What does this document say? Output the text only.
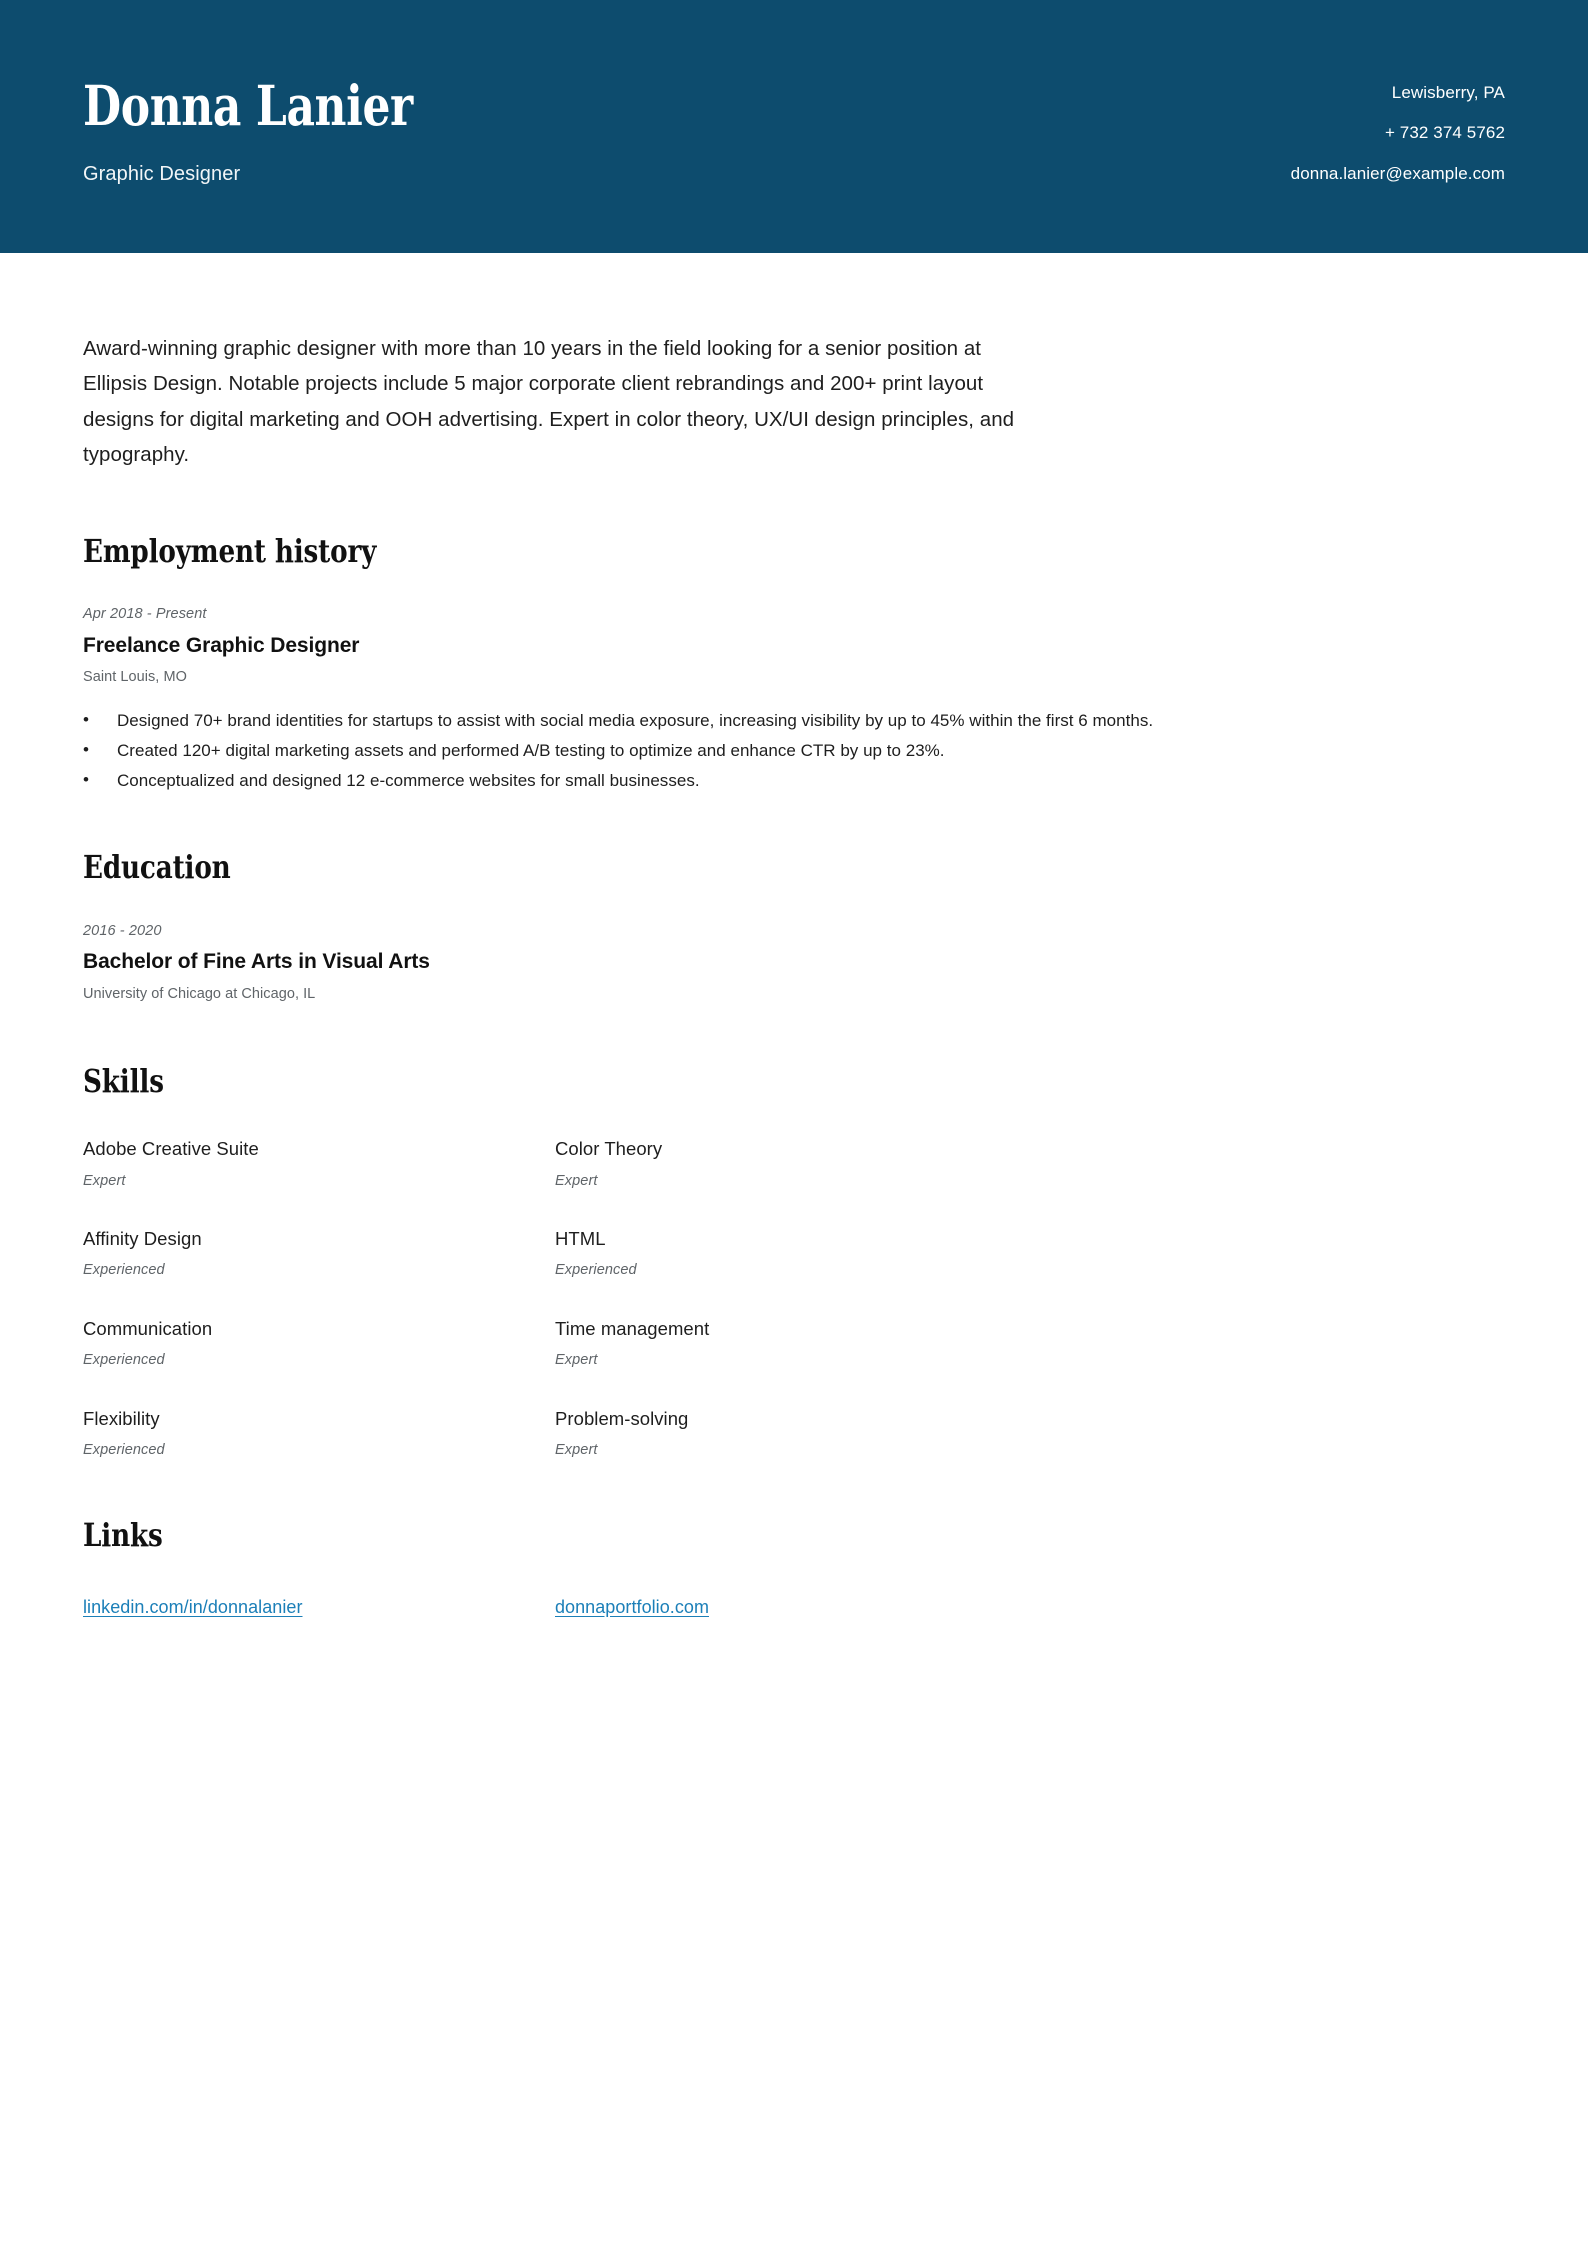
Donna Lanier
Graphic Designer
Lewisberry, PA
+ 732 374 5762
donna.lanier@example.com

Award-winning graphic designer with more than 10 years in the field looking for a senior position at Ellipsis Design. Notable projects include 5 major corporate client rebrandings and 200+ print layout designs for digital marketing and OOH advertising. Expert in color theory, UX/UI design principles, and typography.

Employment history
Apr 2018 - Present
Freelance Graphic Designer
Saint Louis, MO
• Designed 70+ brand identities for startups to assist with social media exposure, increasing visibility by up to 45% within the first 6 months.
• Created 120+ digital marketing assets and performed A/B testing to optimize and enhance CTR by up to 23%.
• Conceptualized and designed 12 e-commerce websites for small businesses.
Education
2016 - 2020
Bachelor of Fine Arts in Visual Arts
University of Chicago at Chicago, IL
Skills
Adobe Creative Suite
Expert
Color Theory
Expert
Affinity Design
Experienced
HTML
Experienced
Communication
Experienced
Time management
Expert
Flexibility
Experienced
Problem-solving
Expert
Links
linkedin.com/in/donnalanier	donnaportfolio.com
